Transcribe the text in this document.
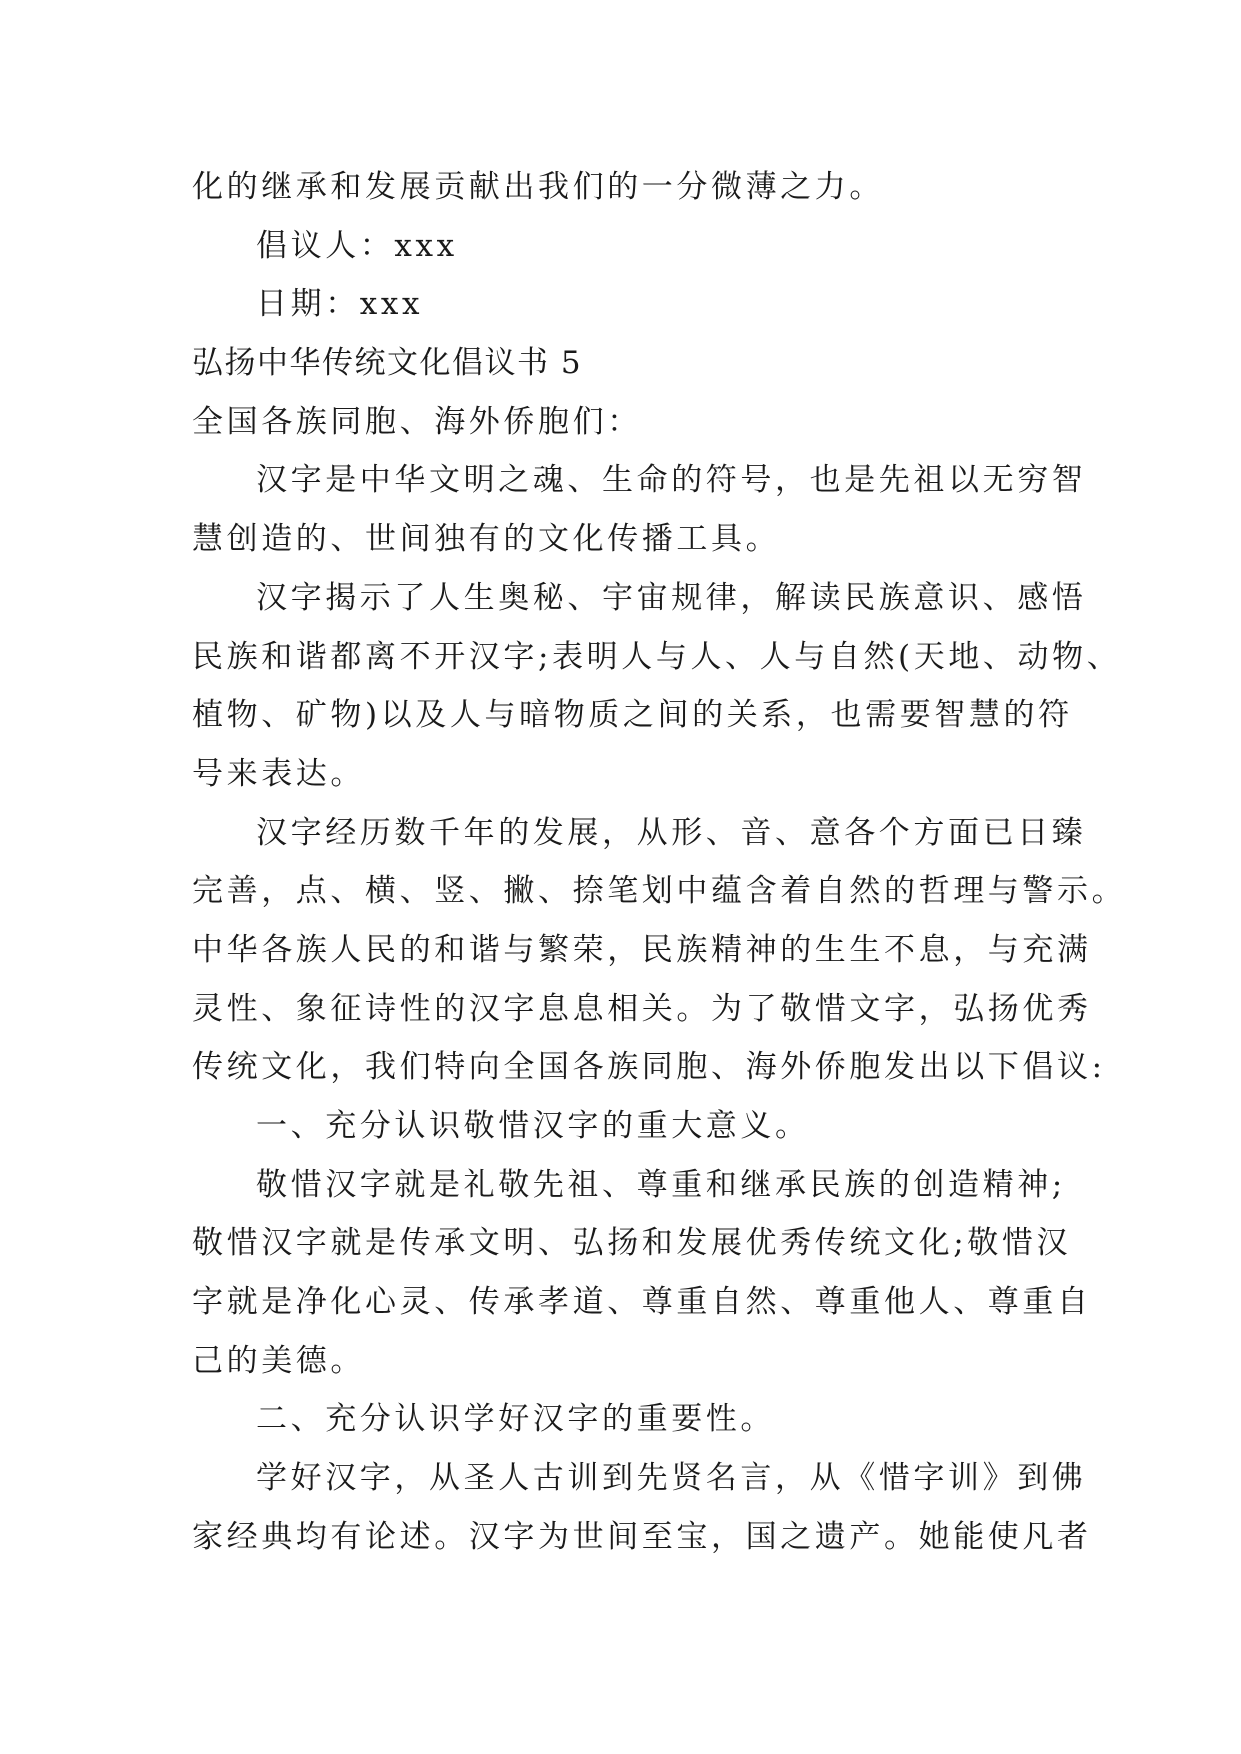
化的继承和发展贡献出我们的一分微薄之力。
倡议人：xxx
日期：xxx
弘扬中华传统文化倡议书 5
全国各族同胞、海外侨胞们：
汉字是中华文明之魂、生命的符号，也是先祖以无穷智
慧创造的、世间独有的文化传播工具。
汉字揭示了人生奥秘、宇宙规律，解读民族意识、感悟
民族和谐都离不开汉字;表明人与人、人与自然(天地、动物、
植物、矿物)以及人与暗物质之间的关系，也需要智慧的符
号来表达。
汉字经历数千年的发展，从形、音、意各个方面已日臻
完善，点、横、竖、撇、捺笔划中蕴含着自然的哲理与警示。
中华各族人民的和谐与繁荣，民族精神的生生不息，与充满
灵性、象征诗性的汉字息息相关。为了敬惜文字，弘扬优秀
传统文化，我们特向全国各族同胞、海外侨胞发出以下倡议:
一、充分认识敬惜汉字的重大意义。
敬惜汉字就是礼敬先祖、尊重和继承民族的创造精神;
敬惜汉字就是传承文明、弘扬和发展优秀传统文化;敬惜汉
字就是净化心灵、传承孝道、尊重自然、尊重他人、尊重自
己的美德。
二、充分认识学好汉字的重要性。
学好汉字，从圣人古训到先贤名言，从《惜字训》到佛
家经典均有论述。汉字为世间至宝，国之遗产。她能使凡者
